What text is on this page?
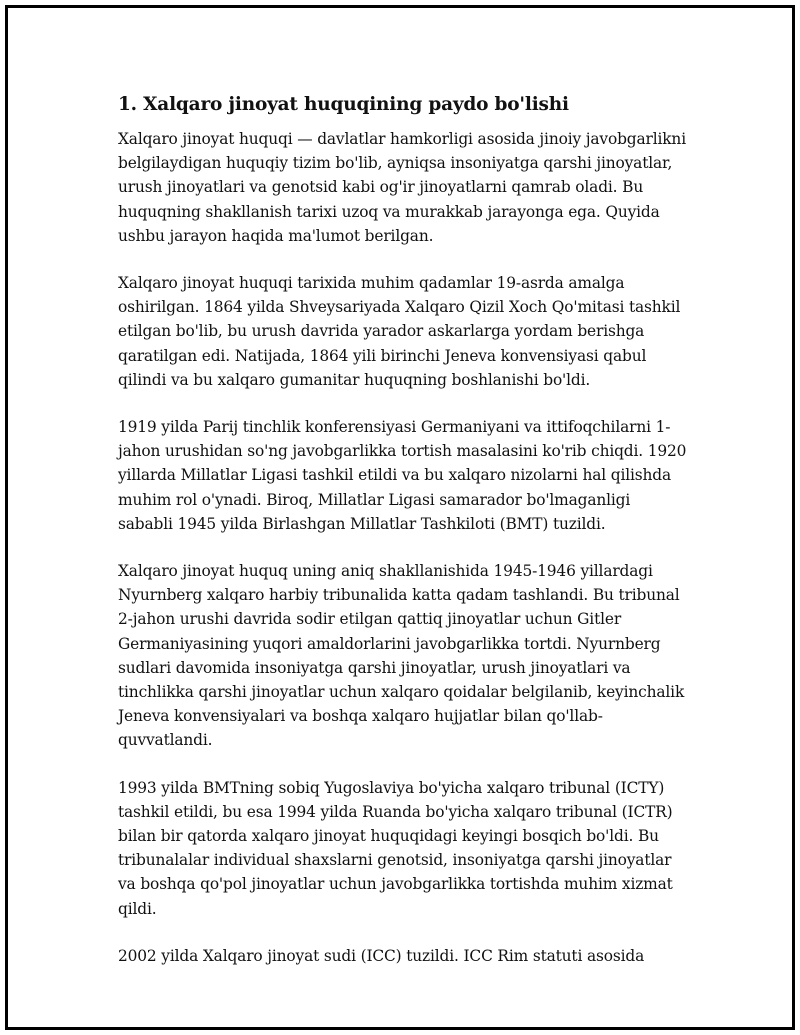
1. Xalqaro jinoyat huquqining paydo bo'lishi

Xalqaro jinoyat huquqi — davlatlar hamkorligi asosida jinoiy javobgarlikni belgilaydigan huquqiy tizim bo'lib, ayniqsa insoniyatga qarshi jinoyatlar, urush jinoyatlari va genotsid kabi og'ir jinoyatlarni qamrab oladi. Bu huquqning shakllanish tarixi uzoq va murakkab jarayonga ega. Quyida ushbu jarayon haqida ma'lumot berilgan.

Xalqaro jinoyat huquqi tarixida muhim qadamlar 19-asrda amalga oshirilgan. 1864 yilda Shveysariyada Xalqaro Qizil Xoch Qo'mitasi tashkil etilgan bo'lib, bu urush davrida yarador askarlarga yordam berishga qaratilgan edi. Natijada, 1864 yili birinchi Jeneva konvensiyasi qabul qilindi va bu xalqaro gumanitar huquqning boshlanishi bo'ldi.

1919 yilda Parij tinchlik konferensiyasi Germaniyani va ittifoqchilarni 1-jahon urushidan so'ng javobgarlikka tortish masalasini ko'rib chiqdi. 1920 yillarda Millatlar Ligasi tashkil etildi va bu xalqaro nizolarni hal qilishda muhim rol o'ynadi. Biroq, Millatlar Ligasi samarador bo'lmaganligi sababli 1945 yilda Birlashgan Millatlar Tashkiloti (BMT) tuzildi.

Xalqaro jinoyat huquq uning aniq shakllanishida 1945-1946 yillardagi Nyurnberg xalqaro harbiy tribunalida katta qadam tashlandi. Bu tribunal 2-jahon urushi davrida sodir etilgan qattiq jinoyatlar uchun Gitler Germaniyasining yuqori amaldorlarini javobgarlikka tortdi. Nyurnberg sudlari davomida insoniyatga qarshi jinoyatlar, urush jinoyatlari va tinchlikka qarshi jinoyatlar uchun xalqaro qoidalar belgilanib, keyinchalik Jeneva konvensiyalari va boshqa xalqaro hujjatlar bilan qo'llab-quvvatlandi.

1993 yilda BMTning sobiq Yugoslaviya bo'yicha xalqaro tribunal (ICTY) tashkil etildi, bu esa 1994 yilda Ruanda bo'yicha xalqaro tribunal (ICTR) bilan bir qatorda xalqaro jinoyat huquqidagi keyingi bosqich bo'ldi. Bu tribunalalar individual shaxslarni genotsid, insoniyatga qarshi jinoyatlar va boshqa qo'pol jinoyatlar uchun javobgarlikka tortishda muhim xizmat qildi.

2002 yilda Xalqaro jinoyat sudi (ICC) tuzildi. ICC Rim statuti asosida
